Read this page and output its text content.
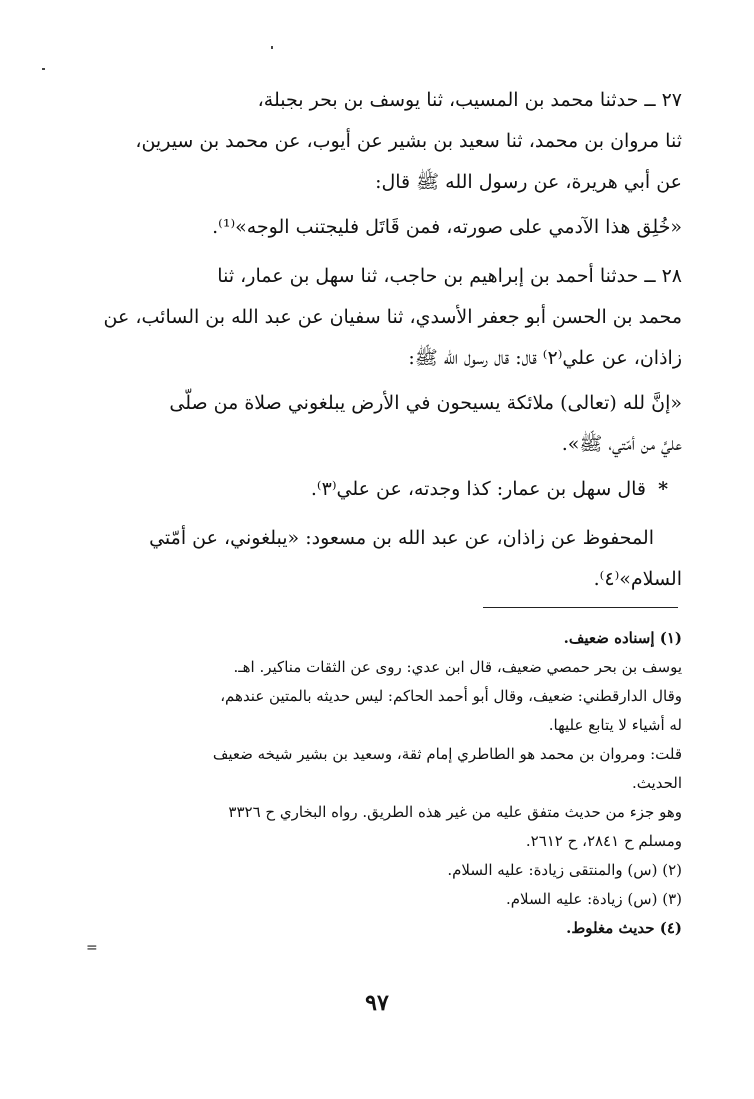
٢٧ ــ حدثنا محمد بن المسيب، ثنا يوسف بن بحر بجبلة،

ثنا مروان بن محمد، ثنا سعيد بن بشير عن أيوب، عن محمد بن سيرين،

عن أبي هريرة، عن رسول الله ﷺ قال:

«خُلِق هذا الآدمي على صورته، فمن قَاتَل فليجتنب الوجه»⁽¹⁾.

٢٨ ــ حدثنا أحمد بن إبراهيم بن حاجب، ثنا سهل بن عمار، ثنا

محمد بن الحسن أبو جعفر الأسدي، ثنا سفيان عن عبد الله بن السائب، عن

زاذان، عن علي⁽٢⁾ قال: قال رسول الله ﷺ:

«إنَّ لله (تعالى) ملائكة يسيحون في الأرض يبلغوني صلاة من صلّى

عليَّ من أمّتي، ﷺ».

* قال سهل بن عمار: كذا وجدته، عن علي⁽٣⁾.

المحفوظ عن زاذان، عن عبد الله بن مسعود: «يبلغوني، عن أمّتي

السلام»⁽٤⁾.

(١) إسناده ضعيف.

يوسف بن بحر حمصي ضعيف، قال ابن عدي: روى عن الثقات مناكير. اهـ.

وقال الدارقطني: ضعيف، وقال أبو أحمد الحاكم: ليس حديثه بالمتين عندهم،

له أشياء لا يتابع عليها.

قلت: ومروان بن محمد هو الطاطري إمام ثقة، وسعيد بن بشير شيخه ضعيف

الحديث.

وهو جزء من حديث متفق عليه من غير هذه الطريق. رواه البخاري ح ٣٣٢٦

ومسلم ح ٢٨٤١، ح ٢٦١٢.

(٢) (س) والمنتقى زيادة: عليه السلام.

(٣) (س) زيادة: عليه السلام.

(٤) حديث مغلوط.

=
٩٧
